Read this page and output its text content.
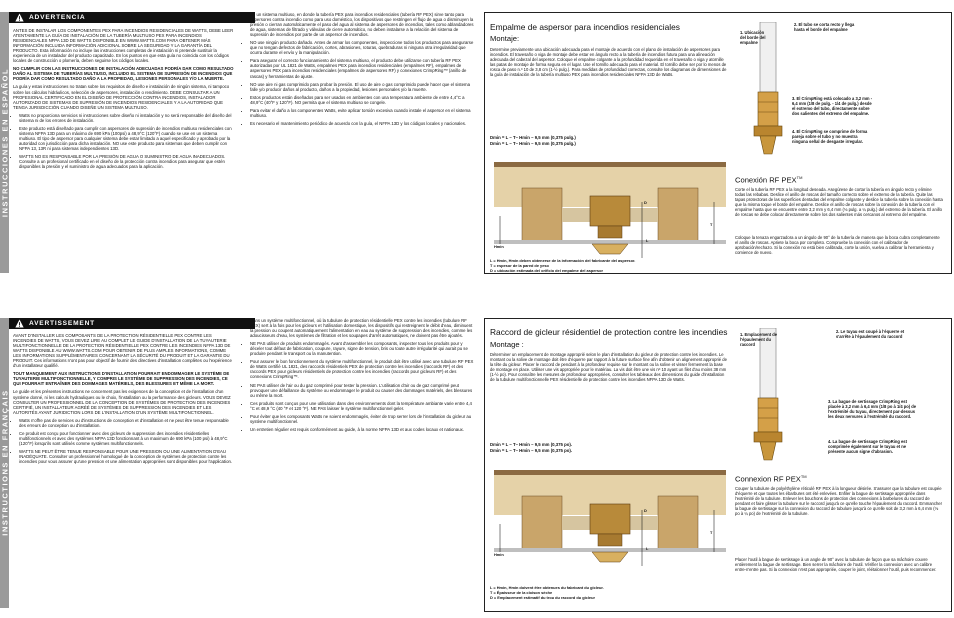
INSTRUCCIONES EN ESPAÑOL
ADVERTENCIA

ANTES DE INSTALAR LOS COMPONENTES PEX PARA INCENDIOS RESIDENCIALES DE WATTS, DEBE LEER ATENTAMENTE LA GUÍA DE INSTALACIÓN DE LA TUBERÍA MULTIUSO PEX PARA INCENDIOS RESIDENCIALES NFPA 13D DE WATTS DISPONIBLE EN WWW.WATTS.COM PARA OBTENER MÁS INFORMACIÓN INCLUIDA INFORMACIÓN ADICIONAL SOBRE LA SEGURIDAD Y LA GARANTÍA DEL PRODUCTO. Esta información no incluye las instrucciones completas de instalación ni pretende sustituir la experiencia de un instalador del producto capacitado. En los puntos en que esta guía no coincida con los códigos locales de construcción o plomería, deben seguirse los códigos locales.

NO CUMPLIR CON LAS INSTRUCCIONES DE INSTALACIÓN ADECUADAS PODRÍA DAR COMO RESULTADO DAÑO AL SISTEMA DE TUBERÍAS MULTIUSO, INCLUIDO EL SISTEMA DE SUPRESIÓN DE INCENDIOS QUE PODRÍA DAR COMO RESULTADO DAÑO A LA PROPIEDAD, LESIONES PERSONALES Y/O LA MUERTE.

La guía y estas instrucciones no tratan sobre los requisitos de diseño e instalación de ningún sistema, ni tampoco sobre los cálculos hidráulicos, selección de aspersores, instalación o rendimiento. DEBE CONSULTAR A UN PROFESIONAL CERTIFICADO EN EL DISEÑO DE PROTECCIÓN CONTRA INCENDIOS, INSTALADOR AUTORIZADO DE SISTEMAS DE SUPRESIÓN DE INCENDIOS RESIDENCIALES Y A LA AUTORIDAD QUE TENGA JURISDICCIÓN CUANDO DISEÑE UN SISTEMA MULTIUSO.

• Watts no proporciona servicios ni instrucciones sobre diseño ni instalación y no será responsable del diseño del sistema ni de los errores de instalación.
• Este producto está diseñado para cumplir con aspersores de supresión de incendios multiuso residenciales con sistema NFPA 13D para un máximo de 690 kPa (100psi) a 48,9°C (120°F) cuando se use en un sistema multiuso. El tipo de aspersor para cualquier sistema debe estar limitado a aquel especificado y aprobado por la autoridad con jurisdicción para dicha instalación. NO use este producto para sistemas que deben cumplir con NFPA 13, 13R ni para sistemas independientes 13D.
• WATTS NO ES RESPONSABLE POR LA PRESIÓN DE AGUA O SUMINISTRO DE AGUA INADECUADOS. Consulte a un profesional certificado en el diseño de la protección contra incendios para asegurar que estén disponibles la presión y el suministro de agua adecuados para la aplicación.
• En un sistema multiuso, en donde la tubería PEX para incendios residenciales (tubería RF PEX) sirve tanto para aspersores contra incendio como para uso doméstico, los dispositivos que restringen el flujo de agua o disminuyen la presión o cierran automáticamente el paso del agua al sistema de aspersores de incendios, tales como ablandadores de agua, sistemas de filtrado y válvulas de cierre automático, no deben instalarse a la relación del sistema de supresión de incendios por parte de un aspersor de incendios.
• NO use ningún producto dañado. Antes de armar los componentes, inspeccione todos los productos para asegurarse que no tengan defectos de fabricación, cortes, abrasiones, roturas, quebraduras ni ninguna otra irregularidad que ocurra durante el envío y la manipulación.
• Para asegurar el correcto funcionamiento del sistema multiuso, el producto debe utilizarse con tubería RF PEX autorizadas por UL 1821 de Watts, empalmes PEX para incendios residenciales (empalmes RF), empalmes de aspersores PEX para incendios residenciales (empalmes de aspersores RF) y conexiones CrimpRing™ (anillo de rascas) y herramientas de ajuste.
• NO use aire ni gas comprimido para probar la presión. El uso de aire o gas comprimido puede hacer que el sistema falle y/o producir daños al producto, daños a la propiedad, lesiones personales y/o la muerte.
• Estos productos están diseñados para ser usados en ambientes con una temperatura ambiente de entre 4,4°C a 48,9°C (40°F y 120°F). NO permita que el sistema multiuso se congele.
• Para evitar el daño a los componentes Watts, evite aplicar torsión excesiva cuando instale el aspersor en el sistema multiuso.
• Es necesario el mantenimiento periódico de acuerdo con la guía, el NFPA 13D y los códigos locales y nacionales.
Empalme de aspersor para incendios residenciales
Montaje:
Determine previamente una ubicación adecuada para el montaje de acuerdo con el plano de instalación de aspersores para incendios. El travesaño o viga de montaje debe estar en ángulo recto a la tubería de incendios futura para una alineación adecuada del cabezal del aspersor. Coloque el empalme colgante a la profundidad requerida en el travesaño o viga y atornille las patas de montaje de forma segura en el lugar. Use el tornillo adecuado para el material. El tornillo debe ser por lo menos de rosca de paso n.º 10 de 3,8 cm (1-½ pulg.). Para medidas de profundidad correctas, consulte los diagramas de dimensiones de la guía de instalación de la tubería multiuso PEX para incendios residenciales NFPA 13D de Watts.
Dmin = L – T– Hmin – 9,5 mm (0,375 pulg.)
Dmin = L – T– Hmin – 9,5 mm (0,375 pulg.)
Hmin
D
T
L
L = Hmin, Hmin deben obtenerse de la información del fabricante del aspersor.
T = espesor de la pared de yeso
D = ubicación estimada del orificio del empalme del aspersor
1. Ubicación del borde del empalme
2. El tubo se corta recto y llega hasta el borde del empalme
3. El CrimpRing está colocado a 3,2 mm - 6,4 mm (1/8 de pulg. - 1/4 de pulg.) desde el extremo del tubo, directamente sobre dos salientes del extremo del empalme.
4. El CrimpRing se comprime de forma pareja sobre el tubo y no muestra ninguna señal de desgaste irregular.
Conexión RF PEX™
Corte el la tubería RF PEX a la longitud deseada. Asegúrese de cortar la tubería en ángulo recto y elimine todas las rebabas. Deslice el anillo de roscas del tamaño correcto sobre el extremo de la tubería. Quite las tapas protectoras de las superficies dentadas del empalme colgante y deslice la tubería sobre la conexión hasta que la misma toque el borde del empalme. Deslice el anillo de roscas sobre la conexión de la tubería con el empalme hasta que se encuentre entre 3,2 mm y 6,4 mm (⅛ pulg. a ¼ pulg.) del extremo de la tubería. El anillo de roscas se debe colocar directamente sobre los dos salientes más cercanos al extremo del empalme.
Coloque la tenaza engarzadora a un ángulo de 90° de la tubería de manera que la boca cubra completamente el anillo de roscas. Apriete la boca por completo. Compruebe la conexión con el calibrador de aprobación/rechazo. Si la conexión no está bien calibrada, corte la unión, vuelva a calibrar la herramienta y comience de nuevo.
INSTRUCTIONS EN FRANÇAIS
AVERTISSEMENT

AVANT D'INSTALLER LES COMPOSANTS DE LA PROTECTION RÉSIDENTIELLE PEX CONTRE LES INCENDIES DE WATTS, VOUS DEVEZ LIRE AU COMPLET LE GUIDE D'INSTALLATION DE LA TUYAUTERIE MULTIFONCTIONNELLE DE LA PROTECTION RÉSIDENTIELLE PEX CONTRE LES INCENDIES NFPA 13D DE WATTS DISPONIBLE AU WWW.WATTS.COM POUR OBTENIR DE PLUS AMPLES INFORMATIONS, COMME LES INFORMATIONS SUPPLÉMENTAIRES CONCERNANT LA SÉCURITÉ DU PRODUIT ET LA GARANTIE DU PRODUIT. Ces informations n'ont pas pour objectif de fournir des directives d'installation complètes ou l'expérience d'un installateur qualifié.

TOUT MANQUEMENT AUX INSTRUCTIONS D'INSTALLATION POURRAIT ENDOMMAGER LE SYSTÈME DE TUYAUTERIE MULTIFONCTIONNELLE, Y COMPRIS LE SYSTÈME DE SUPPRESSION DES INCENDIES, CE QUI POURRAIT ENTRAÎNER DES DOMMAGES MATÉRIELS, DES BLESSURES ET MÊME LA MORT.

Le guide et les présentes instructions ne concernent pas les exigences de la conception et de l'installation d'un système donné, ni les calculs hydrauliques ou le choix, l'installation ou la performance des gicleurs. VOUS DEVEZ CONSULTER UN PROFESSIONNEL DE LA CONCEPTION DE SYSTÈMES DE PROTECTION DES INCENDIES CERTIFIÉ, UN INSTALLATEUR AGRÉÉ DE SYSTÈMES DE SUPPRESSION DES INCENDIES ET LES AUTORITÉS AYANT JURIDICTION LORS DE L'INSTALLATION D'UN SYSTÈME MULTIFONCTIONNEL.

• Watts n'offre pas de services ou d'instructions de conception et d'installation et ne peut être tenue responsable des erreurs de conception ou d'installation.
• Ce produit est conçu pour fonctionner avec des gicleurs de suppression des incendies résidentielles multifonctionnels et avec des systèmes NFPA 13D fonctionnant à un maximum de 690 kPa (100 psi) à 48,9°C (120°F) lorsqu'ils sont utilisés comme systèmes multifonctionnels.
• WATTS NE PEUT ÊTRE TENUE RESPONSABLE POUR UNE PRESSION OU UNE ALIMENTATION D'EAU INADÉQUATE. Consulter un professionnel homologué de la conception de systèmes de protection contre les incendies pour vous assurer qu'une pression et une alimentation appropriées sont disponibles pour l'application.
• Dans un système multifonctionnel, où la tubulure de protection résidentielle PEX contre les incendies (tubulure RF PEX) sert à la fois pour les gicleurs et l'utilisation domestique, les dispositifs qui restreignent le débit d'eau, diminuent la pression ou coupent automatiquement l'alimentation en eau au système de suppression des incendies, comme les adoucisseurs d'eau, les systèmes de filtration et les soupapes d'arrêt automatiques, ne doivent pas être ajoutés.
• NE PAS utiliser de produits endommagés. Avant d'assembler les composants, inspecter tous les produits pour y déceler tout défaut de fabrication, coupure, rayure, signe de tension, bris ou toute autre irrégularité qui aurait pu se produire pendant le transport ou la manutention.
• Pour assurer le bon fonctionnement du système multifonctionnel, le produit doit être utilisé avec une tubulure RF PEX de Watts certifié UL 1821, des raccords résidentiels PEX de protection contre les incendies (raccords RF) et des raccords PEX pour gicleurs résidentiels de protection contre les incendies (raccords pour gicleurs RF) et des connexions CrimpRing™.
• NE PAS utiliser de l'air ou du gaz comprimé pour tester la pression. L'utilisation d'air ou de gaz comprimé peut provoquer une défaillance du système ou endommager le produit ou causer des dommages matériels, des blessures ou même la mort.
• Ces produits sont conçus pour une utilisation dans des environnements dont la température ambiante varie entre 4,4 °C et 48,9 °C (40 °F et 120 °F). NE PAS laisser le système multifonctionnel geler.
• Pour éviter que les composants Watts ne soient endommagés, éviter de trop serrer lors de l'installation du gicleur au système multifonctionnel.
• Un entretien régulier est requis conformément au guide, à la norme NFPA 13D et aux codes locaux et nationaux.
Raccord de gicleur résidentiel de protection contre les incendies
Montage :
Déterminer un emplacement de montage approprié selon le plan d'installation du gicleur de protection contre les incendies. Le montant ou la solive de montage doit être d'équerre par rapport à la future surface fine afin d'obtenir un alignement approprié de la tête du gicleur. Placer le raccord de pendant à la profondeur requise sur le montant ou la solive et visser fermement la base de montage en place. Utiliser une vis appropriée pour le matériau. La vis doit être une vis nº 10 ayant un filet d'au moins 38 mm (1-½ po). Pour connaître les mesures de profondeur appropriées, consulter les tableaux des dimensions du guide d'installation de la tubulure multifonctionnelle PEX résidentielle de protection contre les incendies NFPA 13D de Watts.
Dmin = L – T– Hmin – 9,5 mm (0,375 po).
Dmin = L – T– Hmin – 9,5 mm (0,375 po).
Hmin
D
T
L
L = Hmin, Hmin doivent être obtenues du fabricant du gicleur.
T = Épaisseur de la cloison sèche
D = Emplacement estimatif du trou du raccord du gicleur
1. Emplacement de l'épaulement du raccord
2. Le tuyau est coupé à l'équerre et s'arrête à l'épaulement du raccord
3. La bague de sertissage CrimpRing est placée à 3,2 mm à 6,4 mm (1/8 po à 1/4 po) de l'extrémité du tuyau, directement par-dessus les deux nervures à l'extrémité du raccord.
4. La bague de sertissage CrimpRing est comprimée également sur le tuyau et ne présente aucun signe d'abrasion.
Connexion RF PEX™
Couper la tubulure de polyéthylène réticulé RF PEX à la longueur désirée. S'assurer que la tubulure est coupée d'équerre et que toutes les ébarbures ont été enlevées. Enfiler la bague de sertissage appropriée dans l'extrémité de la tubulure. Enlever les bouchons de protection des connexions à barbelures du raccord de pendant et faire glisser la tubulure sur le raccord jusqu'à ce qu'elle touche l'épaulement du raccord. Emmancher la bague de sertissage sur la connexion du raccord de tubulure jusqu'à ce qu'elle soit de 3,2 mm à 6,4 mm (⅛ po à ¼ po) de l'extrémité de la tubulure.
Placer l'outil à bague de sertissage à un angle de 90° avec la tubulure de façon que sa mâchoire couvre entièrement la bague de sertissage. Bien serrer la mâchoire de l'outil. Vérifier la connexion avec un calibre entre-n'entre pas. Si la connexion n'est pas appropriée, couper le joint, réétalonner l'outil, puis recommencer.
